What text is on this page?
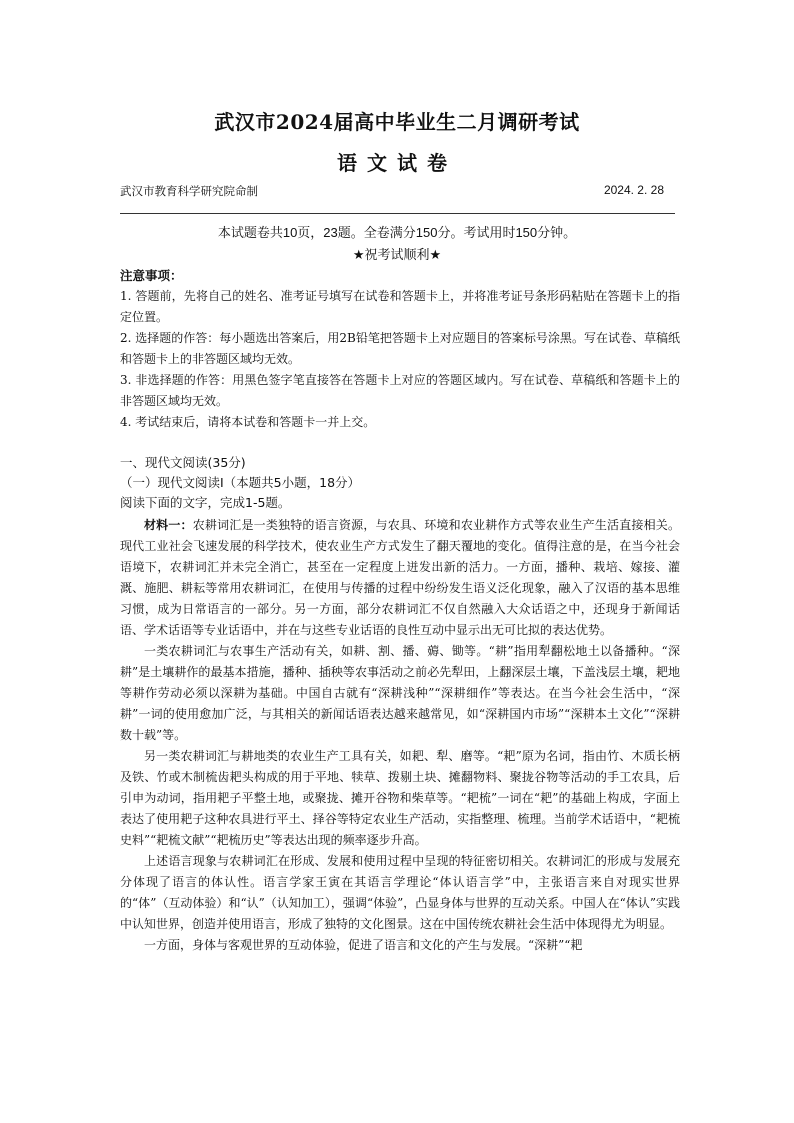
武汉市2024届高中毕业生二月调研考试
语文试卷
武汉市教育科学研究院命制	2024. 2. 28
本试题卷共10页，23题。全卷满分150分。考试用时150分钟。
★祝考试顺利★
注意事项：

1. 答题前，先将自己的姓名、准考证号填写在试卷和答题卡上，并将准考证号条形码粘贴在答题卡上的指定位置。

2. 选择题的作答：每小题选出答案后，用2B铅笔把答题卡上对应题目的答案标号涂黑。写在试卷、草稿纸和答题卡上的非答题区域均无效。

3. 非选择题的作答：用黑色签字笔直接答在答题卡上对应的答题区域内。写在试卷、草稿纸和答题卡上的非答题区域均无效。

4. 考试结束后，请将本试卷和答题卡一并上交。

一、现代文阅读(35分)
（一）现代文阅读Ⅰ（本题共5小题，18分）
阅读下面的文字，完成1-5题。

材料一：农耕词汇是一类独特的语言资源，与农具、环境和农业耕作方式等农业生产生活直接相关。现代工业社会飞速发展的科学技术，使农业生产方式发生了翻天覆地的变化。值得注意的是，在当今社会语境下，农耕词汇并未完全消亡，甚至在一定程度上迸发出新的活力。一方面，播种、栽培、嫁接、灌溉、施肥、耕耘等常用农耕词汇，在使用与传播的过程中纷纷发生语义泛化现象，融入了汉语的基本思维习惯，成为日常语言的一部分。另一方面，部分农耕词汇不仅自然融入大众话语之中，还现身于新闻话语、学术话语等专业话语中，并在与这些专业话语的良性互动中显示出无可比拟的表达优势。

一类农耕词汇与农事生产活动有关，如耕、割、播、薅、锄等。“耕”指用犁翻松地土以备播种。“深耕”是土壤耕作的最基本措施，播种、插秧等农事活动之前必先犁田，上翻深层土壤，下盖浅层土壤，耙地等耕作劳动必须以深耕为基础。中国自古就有“深耕浅种”“深耕细作”等表达。在当今社会生活中，“深耕”一词的使用愈加广泛，与其相关的新闻话语表达越来越常见，如“深耕国内市场”“深耕本土文化”“深耕数十载”等。

另一类农耕词汇与耕地类的农业生产工具有关，如耙、犁、磨等。“耙”原为名词，指由竹、木质长柄及铁、竹或木制梳齿耙头构成的用于平地、犊草、拨剔土块、摊翻物料、聚拢谷物等活动的手工农具，后引申为动词，指用耙子平整土地，或聚拢、摊开谷物和柴草等。“耙梳”一词在“耙”的基础上构成，字面上表达了使用耙子这种农具进行平土、择谷等特定农业生产活动，实指整理、梳理。当前学术话语中，“耙梳史料”“耙梳文献”“耙梳历史”等表达出现的频率逐步升高。

上述语言现象与农耕词汇在形成、发展和使用过程中呈现的特征密切相关。农耕词汇的形成与发展充分体现了语言的体认性。语言学家王寅在其语言学理论“体认语言学”中，主张语言来自对现实世界的“体”（互动体验）和“认”（认知加工），强调“体验”，凸显身体与世界的互动关系。中国人在“体认”实践中认知世界，创造并使用语言，形成了独特的文化图景。这在中国传统农耕社会生活中体现得尤为明显。

一方面，身体与客观世界的互动体验，促进了语言和文化的产生与发展。“深耕”“耙
